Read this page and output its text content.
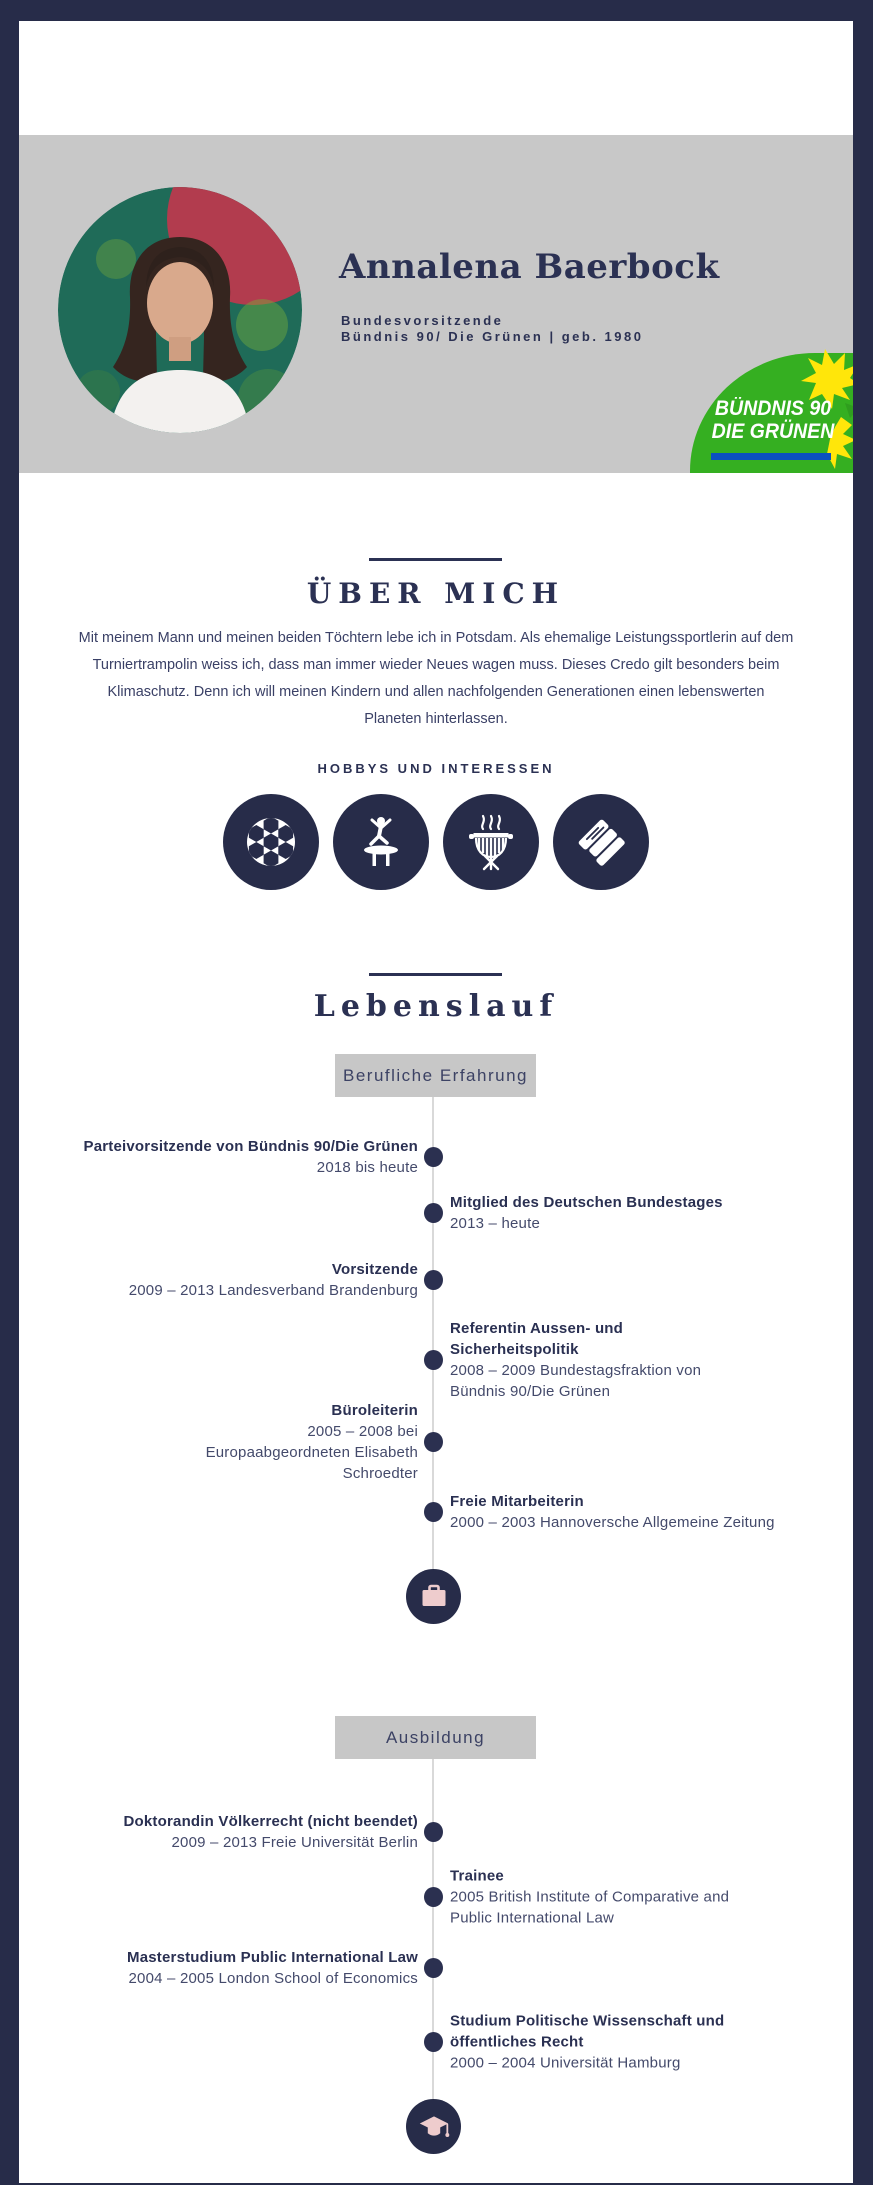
Annalena Baerbock
Bundesvorsitzende
Bündnis 90/ Die Grünen | geb. 1980
BÜNDNIS 90
DIE GRÜNEN
ÜBER MICH
Mit meinem Mann und meinen beiden Töchtern lebe ich in Potsdam. Als ehemalige Leistungssportlerin auf dem Turniertrampolin weiss ich, dass man immer wieder Neues wagen muss. Dieses Credo gilt besonders beim Klimaschutz. Denn ich will meinen Kindern und allen nachfolgenden Generationen einen lebenswerten Planeten hinterlassen.
HOBBYS UND INTERESSEN
Lebenslauf
Berufliche Erfahrung
Parteivorsitzende von Bündnis 90/Die Grünen
2018 bis heute
Mitglied des Deutschen Bundestages
2013 – heute
Vorsitzende
2009 – 2013 Landesverband Brandenburg
Referentin Aussen- und Sicherheitspolitik
2008 – 2009 Bundestagsfraktion von Bündnis 90/Die Grünen
Büroleiterin
2005 – 2008 bei Europaabgeordneten Elisabeth Schroedter
Freie Mitarbeiterin
2000 – 2003 Hannoversche Allgemeine Zeitung
Ausbildung
Doktorandin Völkerrecht (nicht beendet)
2009 – 2013 Freie Universität Berlin
Trainee
2005 British Institute of Comparative and Public International Law
Masterstudium Public International Law
2004 – 2005 London School of Economics
Studium Politische Wissenschaft und öffentliches Recht
2000 – 2004 Universität Hamburg
